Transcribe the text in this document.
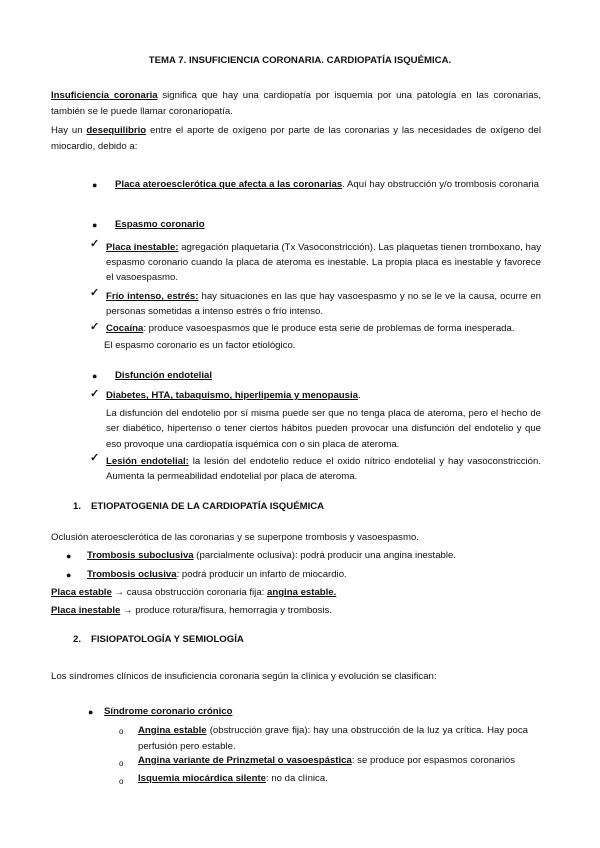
TEMA 7. INSUFICIENCIA CORONARIA. CARDIOPATÍA ISQUÉMICA.
Insuficiencia coronaria significa que hay una cardiopatía por isquemia por una patología en las coronarias, también se le puede llamar coronariopatía.
Hay un desequilibrio entre el aporte de oxígeno por parte de las coronarias y las necesidades de oxígeno del miocardio, debido a:
● Placa ateroesclerótica que afecta a las coronarias. Aquí hay obstrucción y/o trombosis coronaria
● Espasmo coronario
✓ Placa inestable: agregación plaquetaria (Tx Vasoconstricción). Las plaquetas tienen tromboxano, hay espasmo coronario cuando la placa de ateroma es inestable. La propia placa es inestable y favorece el vasoespasmo.
✓ Frío intenso, estrés: hay situaciones en las que hay vasoespasmo y no se le ve la causa, ocurre en personas sometidas a intenso estrés o frío intenso.
✓ Cocaína: produce vasoespasmos que le produce esta serie de problemas de forma inesperada.
El espasmo coronario es un factor etiológico.
● Disfunción endotelial
✓ Diabetes, HTA, tabaquismo, hiperlipemia y menopausia.
La disfunción del endotelio por sí misma puede ser que no tenga placa de ateroma, pero el hecho de ser diabético, hipertenso o tener ciertos hábitos pueden provocar una disfunción del endotelio y que eso provoque una cardiopatía isquémica con o sin placa de ateroma.
✓ Lesión endotelial: la lesión del endotelio reduce el oxido nítrico endotelial y hay vasoconstricción. Aumenta la permeabilidad endotelial por placa de ateroma.
1. ETIOPATOGENIA DE LA CARDIOPATÍA ISQUÉMICA
Oclusión ateroesclerótica de las coronarias y se superpone trombosis y vasoespasmo.
● Trombosis suboclusiva (parcialmente oclusiva): podrá producir una angina inestable.
● Trombosis oclusiva: podrá producir un infarto de miocardio.
Placa estable → causa obstrucción coronaria fija: angina estable.
Placa inestable → produce rotura/fisura, hemorragia y trombosis.
2. FISIOPATOLOGÍA Y SEMIOLOGÍA
Los síndromes clínicos de insuficiencia coronaria según la clínica y evolución se clasifican:
● Síndrome coronario crónico
o Angina estable (obstrucción grave fija): hay una obstrucción de la luz ya crítica. Hay poca perfusión pero estable.
o Angina variante de Prinzmetal o vasoespástica: se produce por espasmos coronarios
o Isquemia miocárdica silente: no da clínica.
